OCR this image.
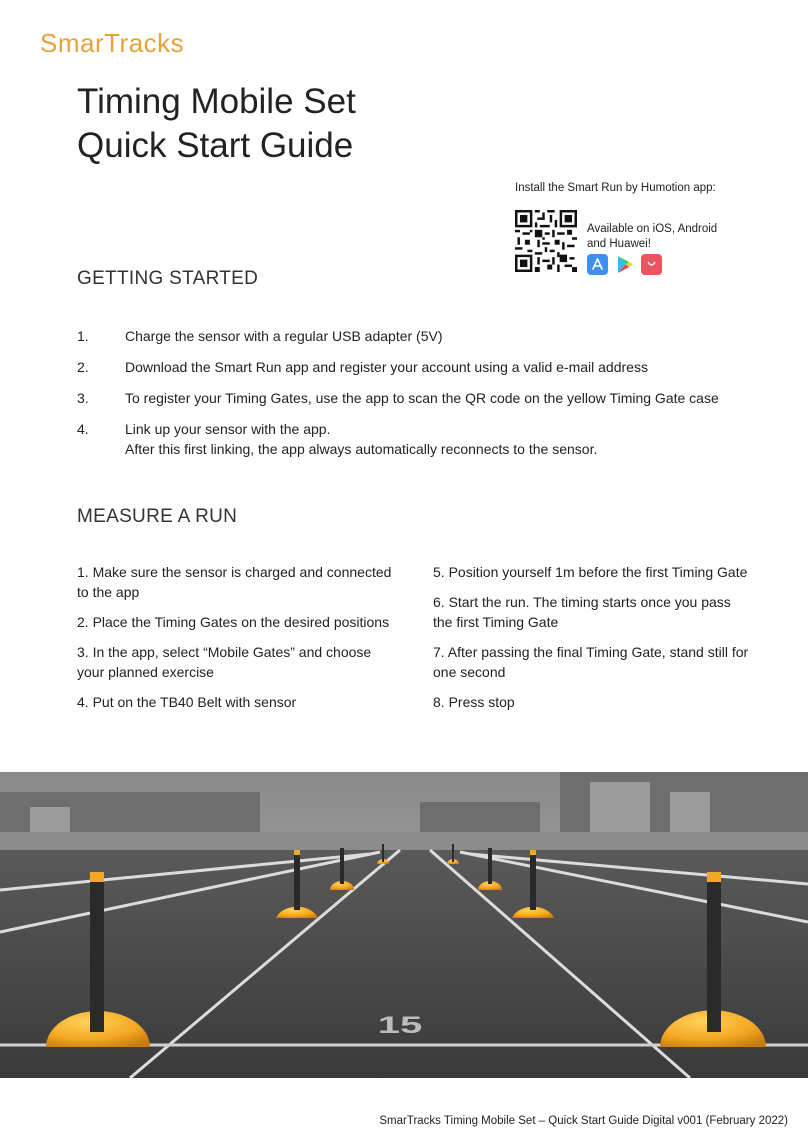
SmarTracks
Timing Mobile Set
Quick Start Guide
Install the Smart Run by Humotion app:
Available on iOS, Android and Huawei!
GETTING STARTED
1.	Charge the sensor with a regular USB adapter (5V)
2.	Download the Smart Run app and register your account using a valid e-mail address
3.	To register your Timing Gates, use the app to scan the QR code on the yellow Timing Gate case
4.	Link up your sensor with the app.
After this first linking, the app always automatically reconnects to the sensor.
MEASURE A RUN

1. Make sure the sensor is charged and connected to the app

2. Place the Timing Gates on the desired positions

3. In the app, select “Mobile Gates” and choose your planned exercise

4. Put on the TB40 Belt with sensor

5. Position yourself 1m before the first Timing Gate

6. Start the run. The timing starts once you pass the first Timing Gate

7. After passing the final Timing Gate, stand still for one second

8. Press stop

15
SmarTracks Timing Mobile Set – Quick Start Guide Digital v001 (February 2022)
